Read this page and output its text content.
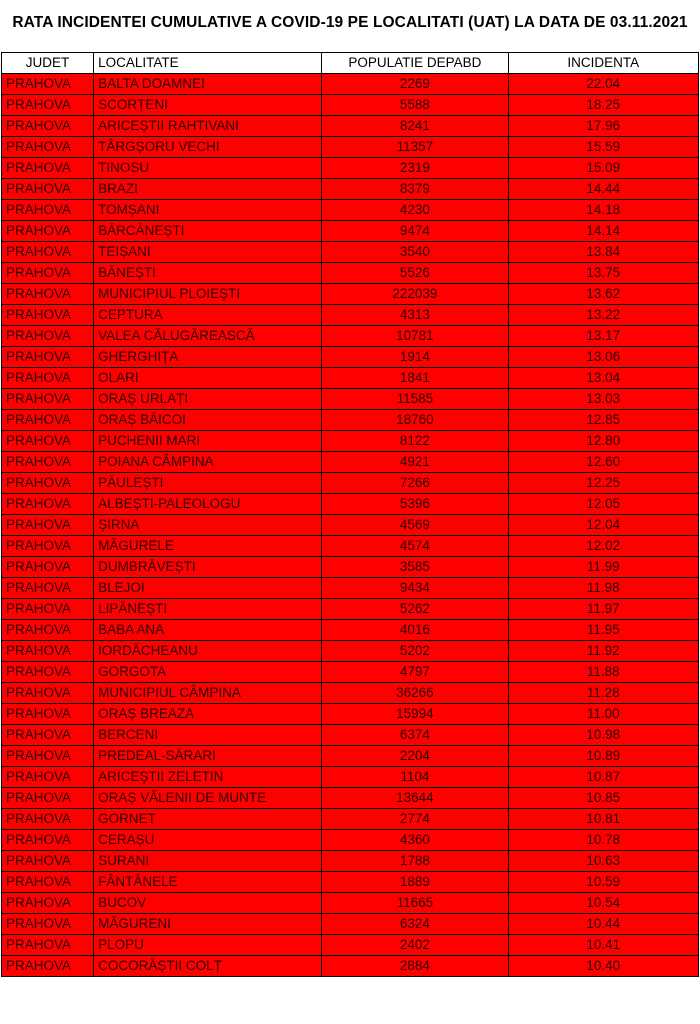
RATA INCIDENTEI CUMULATIVE A COVID-19 PE LOCALITATI (UAT) LA DATA DE 03.11.2021
JUDET	LOCALITATE	POPULATIE DEPABD	INCIDENTA
PRAHOVA	BALTA DOAMNEI	2269	22.04
PRAHOVA	SCORȚENI	5588	18.25
PRAHOVA	ARICEȘTII RAHTIVANI	8241	17.96
PRAHOVA	TÂRGȘORU VECHI	11357	15.59
PRAHOVA	TINOSU	2319	15.09
PRAHOVA	BRAZI	8379	14.44
PRAHOVA	TOMȘANI	4230	14.18
PRAHOVA	BĂRCĂNEȘTI	9474	14.14
PRAHOVA	TEIȘANI	3540	13.84
PRAHOVA	BĂNEȘTI	5526	13.75
PRAHOVA	MUNICIPIUL PLOIEȘTI	222039	13.62
PRAHOVA	CEPTURA	4313	13.22
PRAHOVA	VALEA CĂLUGĂREASCĂ	10781	13.17
PRAHOVA	GHERGHIȚA	1914	13.06
PRAHOVA	OLARI	1841	13.04
PRAHOVA	ORAȘ URLAȚI	11585	13.03
PRAHOVA	ORAȘ BĂICOI	18760	12.85
PRAHOVA	PUCHENII MARI	8122	12.80
PRAHOVA	POIANA CÂMPINA	4921	12.60
PRAHOVA	PĂULEȘTI	7266	12.25
PRAHOVA	ALBEȘTI-PALEOLOGU	5396	12.05
PRAHOVA	ȘIRNA	4569	12.04
PRAHOVA	MĂGURELE	4574	12.02
PRAHOVA	DUMBRĂVEȘTI	3585	11.99
PRAHOVA	BLEJOI	9434	11.98
PRAHOVA	LIPĂNEȘTI	5262	11.97
PRAHOVA	BABA ANA	4016	11.95
PRAHOVA	IORDĂCHEANU	5202	11.92
PRAHOVA	GORGOTA	4797	11.88
PRAHOVA	MUNICIPIUL CÂMPINA	36266	11.28
PRAHOVA	ORAȘ BREAZA	15994	11.00
PRAHOVA	BERCENI	6374	10.98
PRAHOVA	PREDEAL-SĂRARI	2204	10.89
PRAHOVA	ARICEȘTII ZELETIN	1104	10.87
PRAHOVA	ORAȘ VĂLENII DE MUNTE	13644	10.85
PRAHOVA	GORNET	2774	10.81
PRAHOVA	CERAȘU	4360	10.78
PRAHOVA	SURANI	1788	10.63
PRAHOVA	FÂNTÂNELE	1889	10.59
PRAHOVA	BUCOV	11665	10.54
PRAHOVA	MĂGURENI	6324	10.44
PRAHOVA	PLOPU	2402	10.41
PRAHOVA	COCORĂȘTII COLȚ	2884	10.40
